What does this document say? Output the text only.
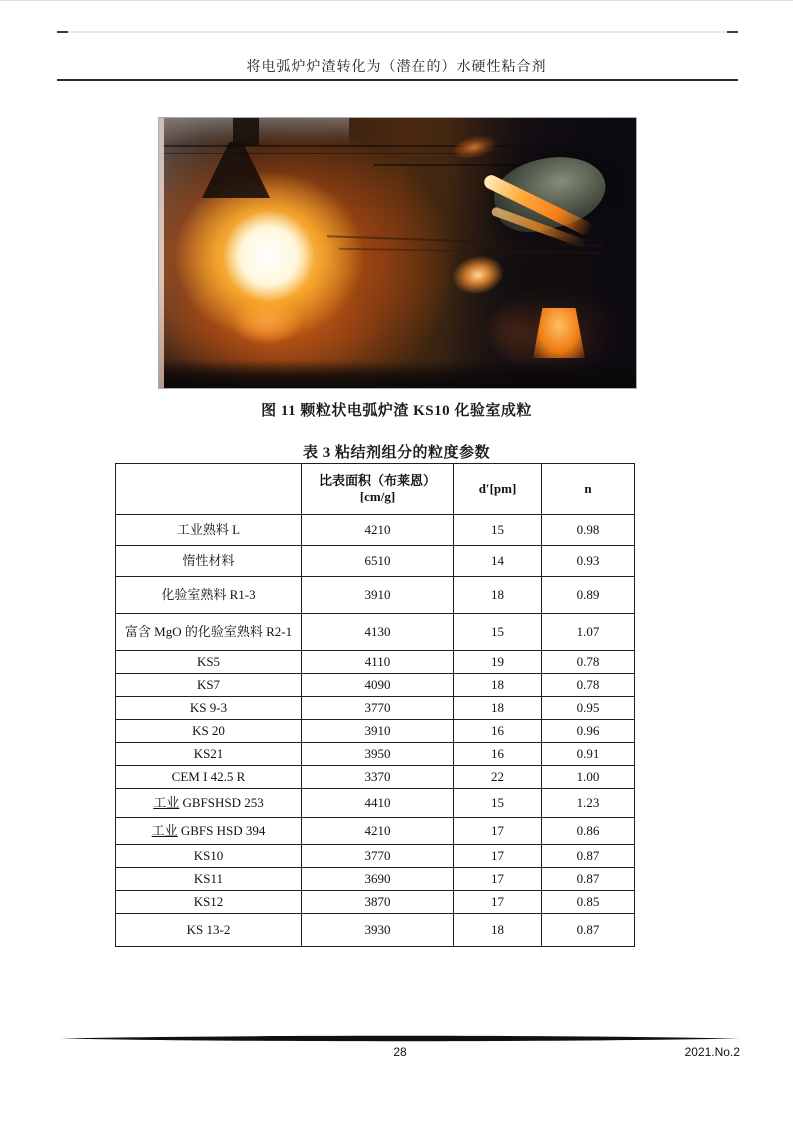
将电弧炉炉渣转化为（潜在的）水硬性粘合剂
图 11 颗粒状电弧炉渣 KS10 化验室成粒
表 3 粘结剂组分的粒度参数

	比表面积（布莱恩）
[cm/g]	d′[pm]	n
工业熟料 L	4210	15	0.98
惰性材料	6510	14	0.93
化验室熟料 R1-3	3910	18	0.89
富含 MgO 的化验室熟料 R2-1	4130	15	1.07
KS5	4110	19	0.78
KS7	4090	18	0.78
KS 9-3	3770	18	0.95
KS 20	3910	16	0.96
KS21	3950	16	0.91
CEM I 42.5 R	3370	22	1.00
工业 GBFSHSD 253	4410	15	1.23
工业 GBFS HSD 394	4210	17	0.86
KS10	3770	17	0.87
KS11	3690	17	0.87
KS12	3870	17	0.85
KS 13-2	3930	18	0.87
28	2021.No.2
